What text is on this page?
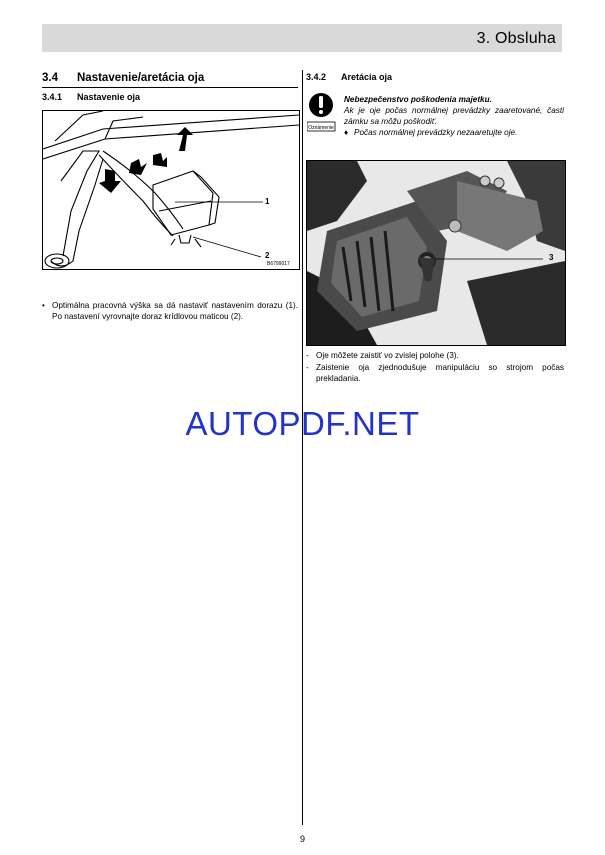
3. Obsluha
3.4	Nastavenie/aretácia oja
3.4.1	Nastavenie oja
1
2
B6799017
• Optimálna pracovná výška sa dá nastaviť nastavením dorazu (1). Po nastavení vyrovnajte doraz krídlovou maticou (2).
3.4.2	Aretácia oja
Oznámenie
Nebezpečenstvo poškodenia majetku.
Ak je oje počas normálnej prevádzky zaaretované, časti zámku sa môžu poškodiť.
♦ Počas normálnej prevádzky nezaaretujte oje.
3
- Oje môžete zaistiť vo zvislej polohe (3).
- Zaistenie oja zjednodušuje manipuláciu so strojom počas prekladania.
AUTOPDF.NET
9
